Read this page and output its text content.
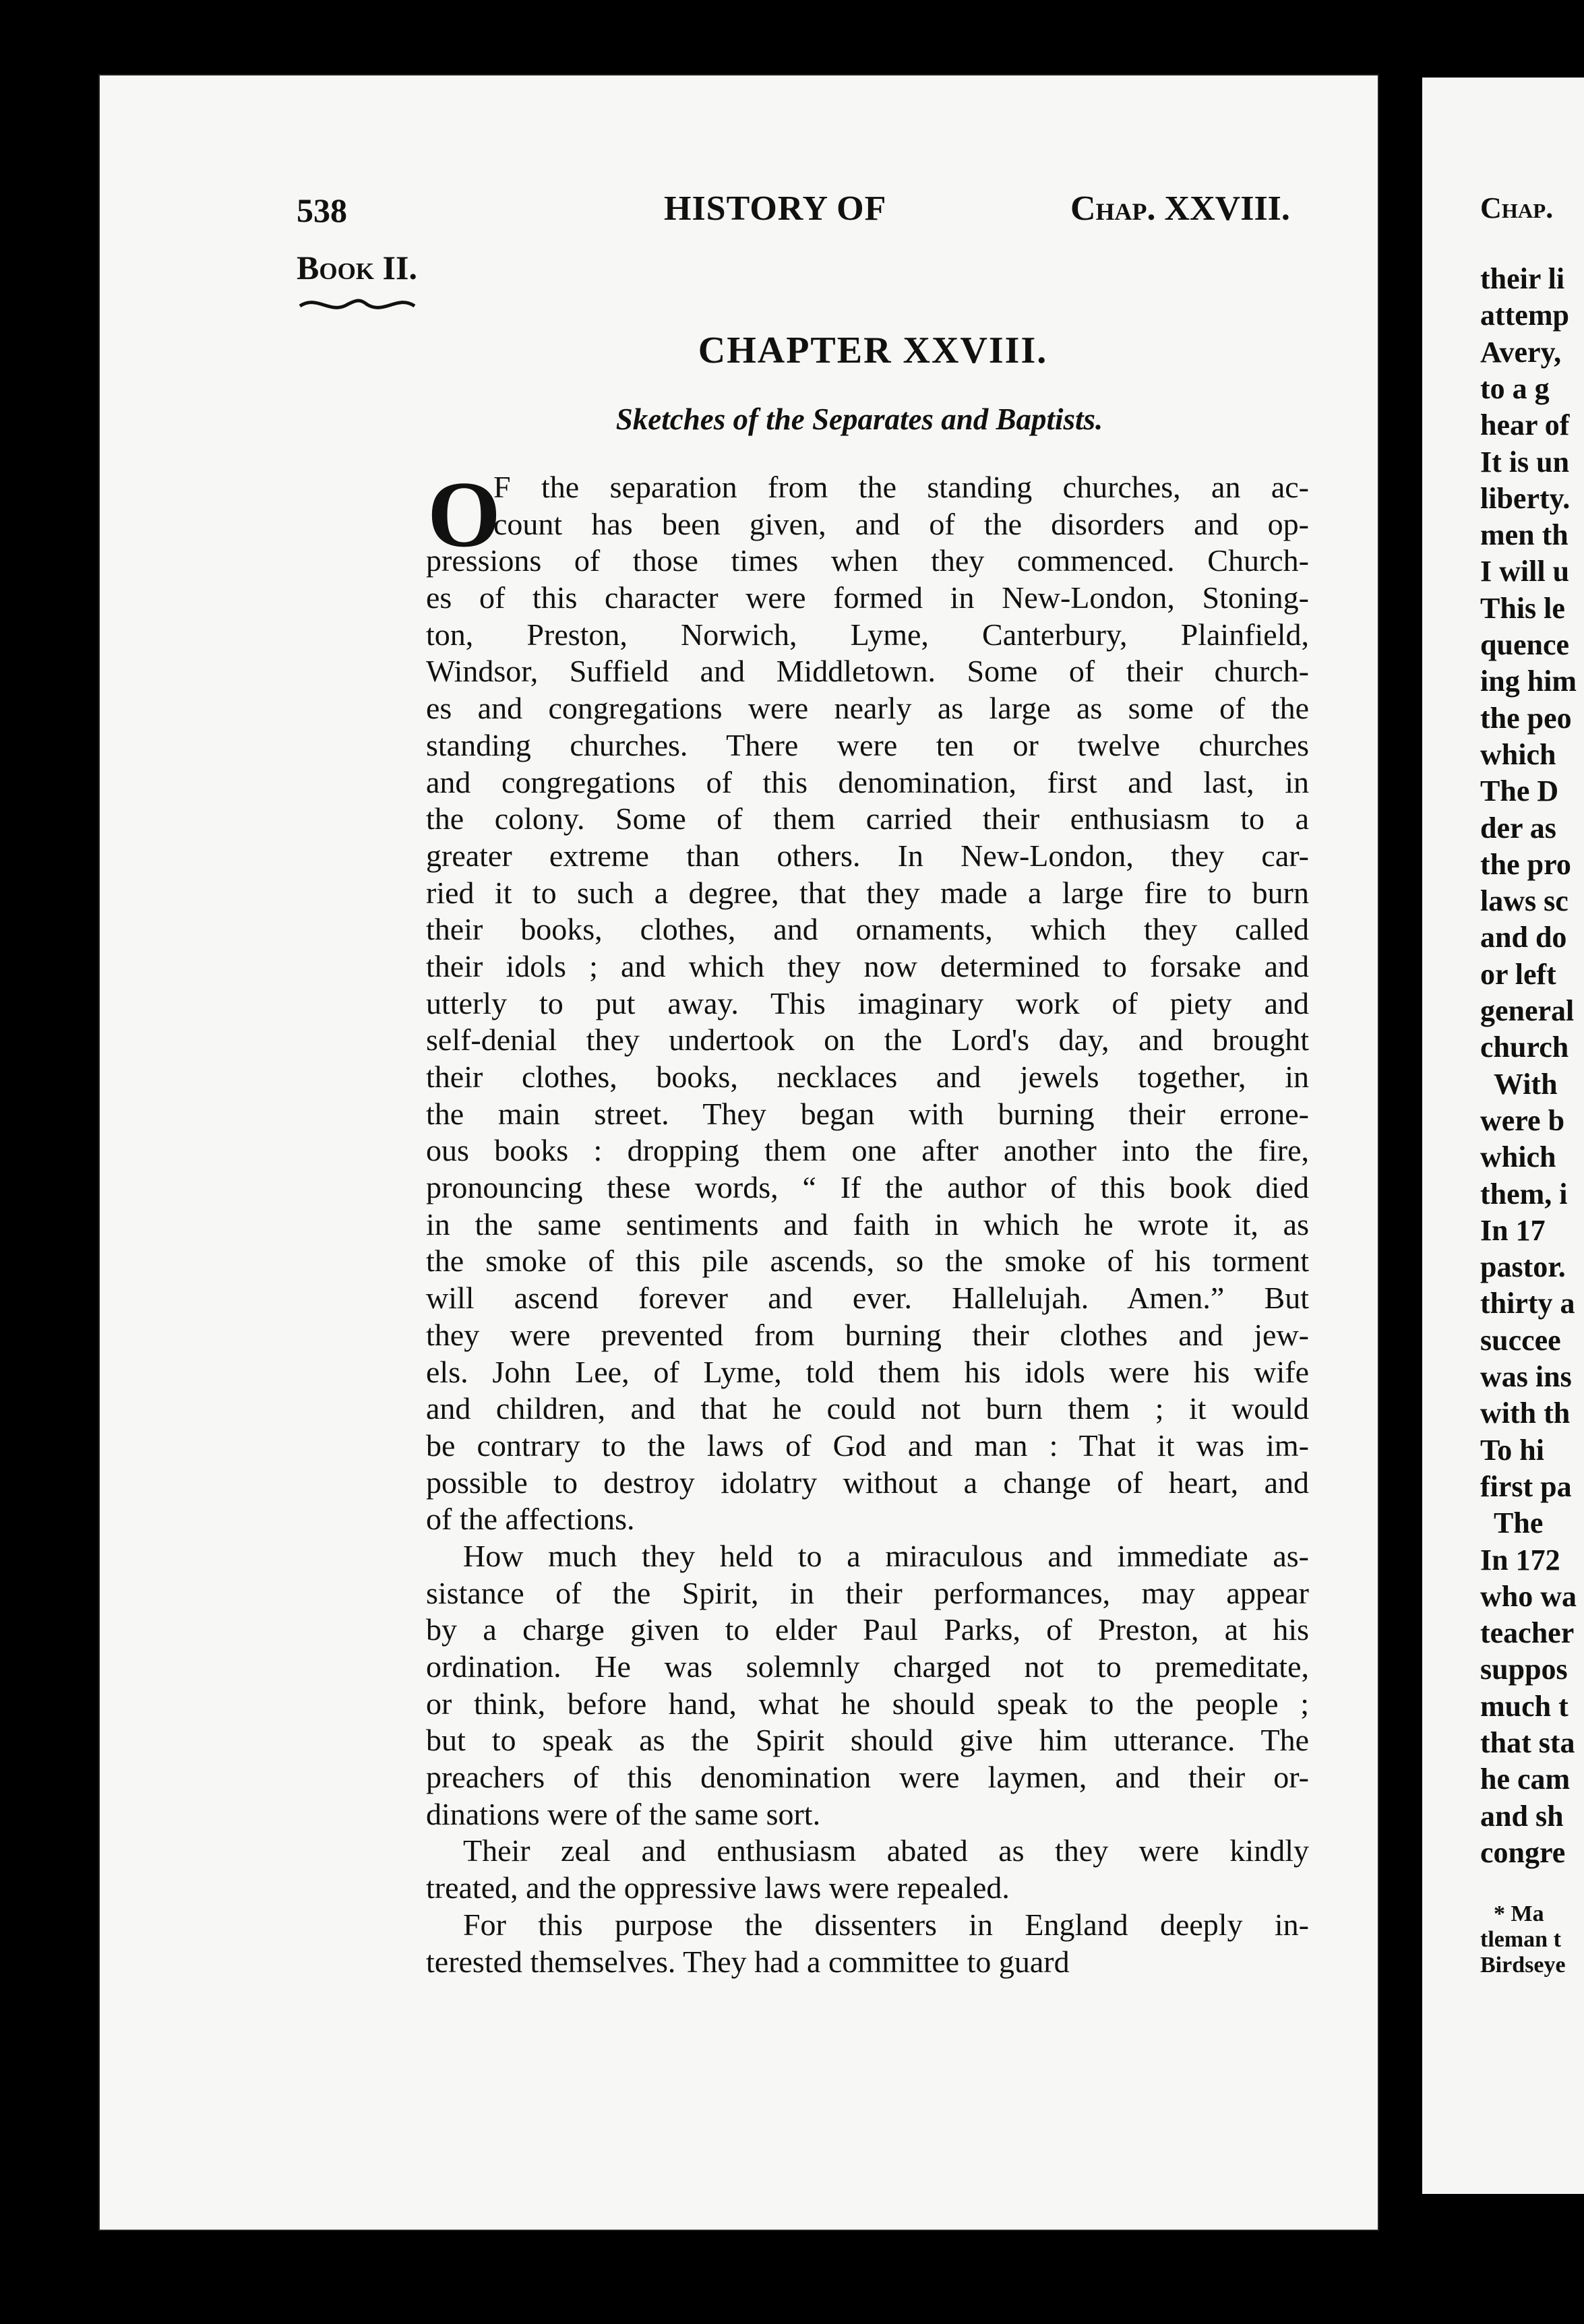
538	HISTORY OF	Chap. XXVIII.
Book II.
CHAPTER XXVIII.
Sketches of the Separates and Baptists.
O
F the separation from the standing churches, an ac-
count has been given, and of the disorders and op-
pressions of those times when they commenced. Church-
es of this character were formed in New-London, Stoning-
ton, Preston, Norwich, Lyme, Canterbury, Plainfield,
Windsor, Suffield and Middletown. Some of their church-
es and congregations were nearly as large as some of the
standing churches. There were ten or twelve churches
and congregations of this denomination, first and last, in
the colony. Some of them carried their enthusiasm to a
greater extreme than others. In New-London, they car-
ried it to such a degree, that they made a large fire to burn
their books, clothes, and ornaments, which they called
their idols ; and which they now determined to forsake and
utterly to put away. This imaginary work of piety and
self-denial they undertook on the Lord's day, and brought
their clothes, books, necklaces and jewels together, in
the main street. They began with burning their errone-
ous books : dropping them one after another into the fire,
pronouncing these words, “ If the author of this book died
in the same sentiments and faith in which he wrote it, as
the smoke of this pile ascends, so the smoke of his torment
will ascend forever and ever. Hallelujah. Amen.” But
they were prevented from burning their clothes and jew-
els. John Lee, of Lyme, told them his idols were his wife
and children, and that he could not burn them ; it would
be contrary to the laws of God and man : That it was im-
possible to destroy idolatry without a change of heart, and
of the affections.
How much they held to a miraculous and immediate as-
sistance of the Spirit, in their performances, may appear
by a charge given to elder Paul Parks, of Preston, at his
ordination. He was solemnly charged not to premeditate,
or think, before hand, what he should speak to the people ;
but to speak as the Spirit should give him utterance. The
preachers of this denomination were laymen, and their or-
dinations were of the same sort.
Their zeal and enthusiasm abated as they were kindly
treated, and the oppressive laws were repealed.
For this purpose the dissenters in England deeply in-
terested themselves. They had a committee to guard
Chap.
their li
attemp
Avery,
to a g
hear of
It is un
liberty.
men th
I will u
This le
quence
ing him
the peo
which
The D
der as
the pro
laws sc
and do
or left
general
church
With
were b
which
them, i
In 17
pastor.
thirty a
succee
was ins
with th
To hi
first pa
The
In 172
who wa
teacher
suppos
much t
that sta
he cam
and sh
congre
* Ma
tleman t
Birdseye
